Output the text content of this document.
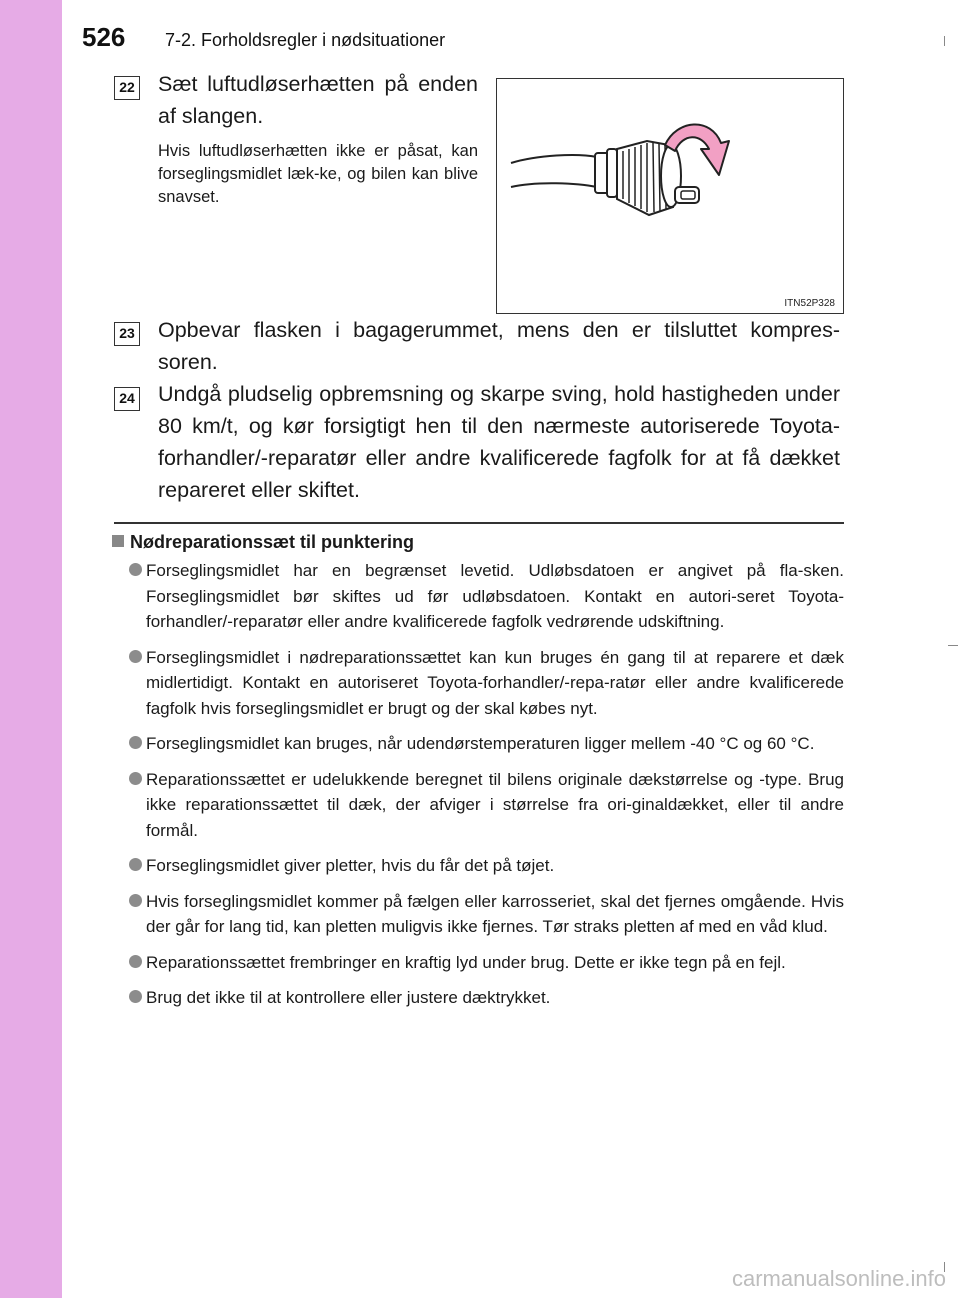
526 7-2. Forholdsregler i nødsituationer
22 Sæt luftudløserhætten på enden af slangen.
Hvis luftudløserhætten ikke er påsat, kan forseglingsmidlet læk-ke, og bilen kan blive snavset.
ITN52P328
23 Opbevar flasken i bagagerummet, mens den er tilsluttet kompres-soren.
24 Undgå pludselig opbremsning og skarpe sving, hold hastigheden under 80 km/t, og kør forsigtigt hen til den nærmeste autoriserede Toyota-forhandler/-reparatør eller andre kvalificerede fagfolk for at få dækket repareret eller skiftet.
Nødreparationssæt til punktering
Forseglingsmidlet har en begrænset levetid. Udløbsdatoen er angivet på fla-sken. Forseglingsmidlet bør skiftes ud før udløbsdatoen. Kontakt en autori-seret Toyota-forhandler/-reparatør eller andre kvalificerede fagfolk vedrørende udskiftning.
Forseglingsmidlet i nødreparationssættet kan kun bruges én gang til at reparere et dæk midlertidigt. Kontakt en autoriseret Toyota-forhandler/-repa-ratør eller andre kvalificerede fagfolk hvis forseglingsmidlet er brugt og der skal købes nyt.
Forseglingsmidlet kan bruges, når udendørstemperaturen ligger mellem -40 °C og 60 °C.
Reparationssættet er udelukkende beregnet til bilens originale dækstørrelse og -type. Brug ikke reparationssættet til dæk, der afviger i størrelse fra ori-ginaldækket, eller til andre formål.
Forseglingsmidlet giver pletter, hvis du får det på tøjet.
Hvis forseglingsmidlet kommer på fælgen eller karrosseriet, skal det fjernes omgående. Hvis der går for lang tid, kan pletten muligvis ikke fjernes. Tør straks pletten af med en våd klud.
Reparationssættet frembringer en kraftig lyd under brug. Dette er ikke tegn på en fejl.
Brug det ikke til at kontrollere eller justere dæktrykket.
carmanualsonline.info
